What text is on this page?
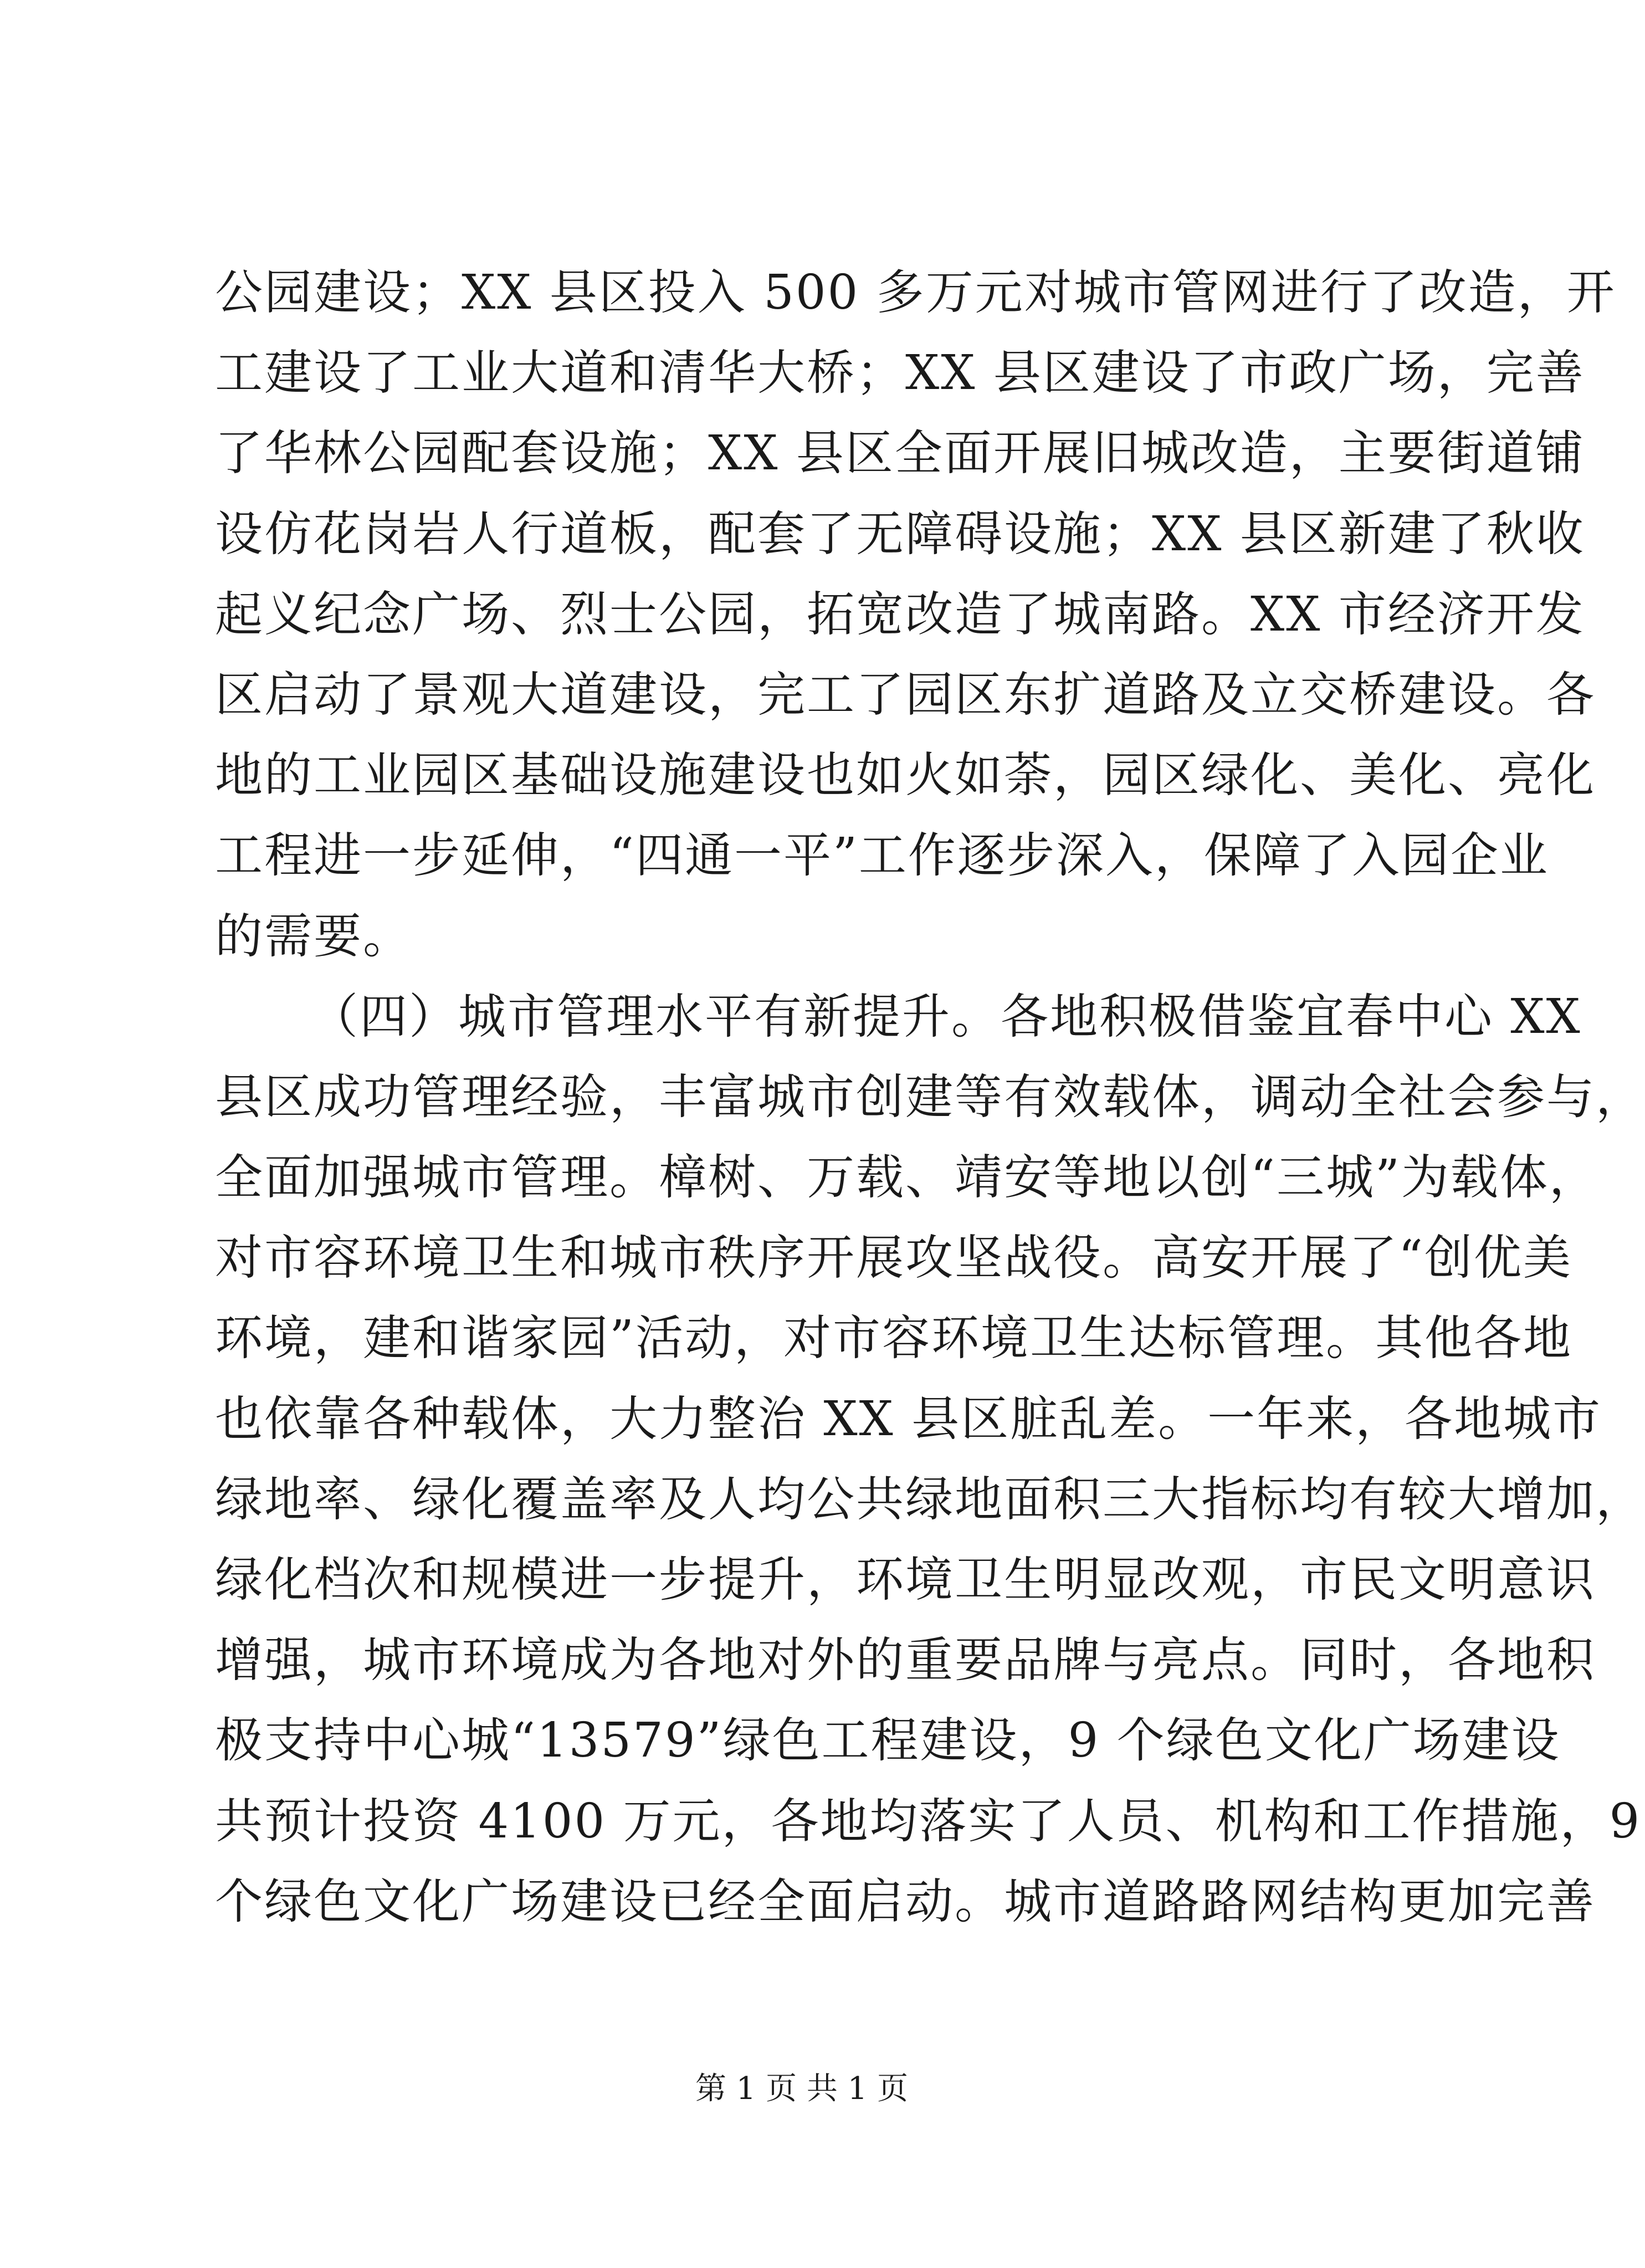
公园建设；XX 县区投入 500 多万元对城市管网进行了改造，开
工建设了工业大道和清华大桥；XX 县区建设了市政广场，完善
了华林公园配套设施；XX 县区全面开展旧城改造，主要街道铺
设仿花岗岩人行道板，配套了无障碍设施；XX 县区新建了秋收
起义纪念广场、烈士公园，拓宽改造了城南路。XX 市经济开发
区启动了景观大道建设，完工了园区东扩道路及立交桥建设。各
地的工业园区基础设施建设也如火如荼，园区绿化、美化、亮化
工程进一步延伸，“四通一平”工作逐步深入，保障了入园企业
的需要。
（四）城市管理水平有新提升。各地积极借鉴宜春中心 XX
县区成功管理经验，丰富城市创建等有效载体，调动全社会参与，
全面加强城市管理。樟树、万载、靖安等地以创“三城”为载体，
对市容环境卫生和城市秩序开展攻坚战役。高安开展了“创优美
环境，建和谐家园”活动，对市容环境卫生达标管理。其他各地
也依靠各种载体，大力整治 XX 县区脏乱差。一年来，各地城市
绿地率、绿化覆盖率及人均公共绿地面积三大指标均有较大增加，
绿化档次和规模进一步提升，环境卫生明显改观，市民文明意识
增强，城市环境成为各地对外的重要品牌与亮点。同时，各地积
极支持中心城“13579”绿色工程建设，9 个绿色文化广场建设
共预计投资 4100 万元，各地均落实了人员、机构和工作措施，9
个绿色文化广场建设已经全面启动。城市道路路网结构更加完善
第 1 页 共 1 页
